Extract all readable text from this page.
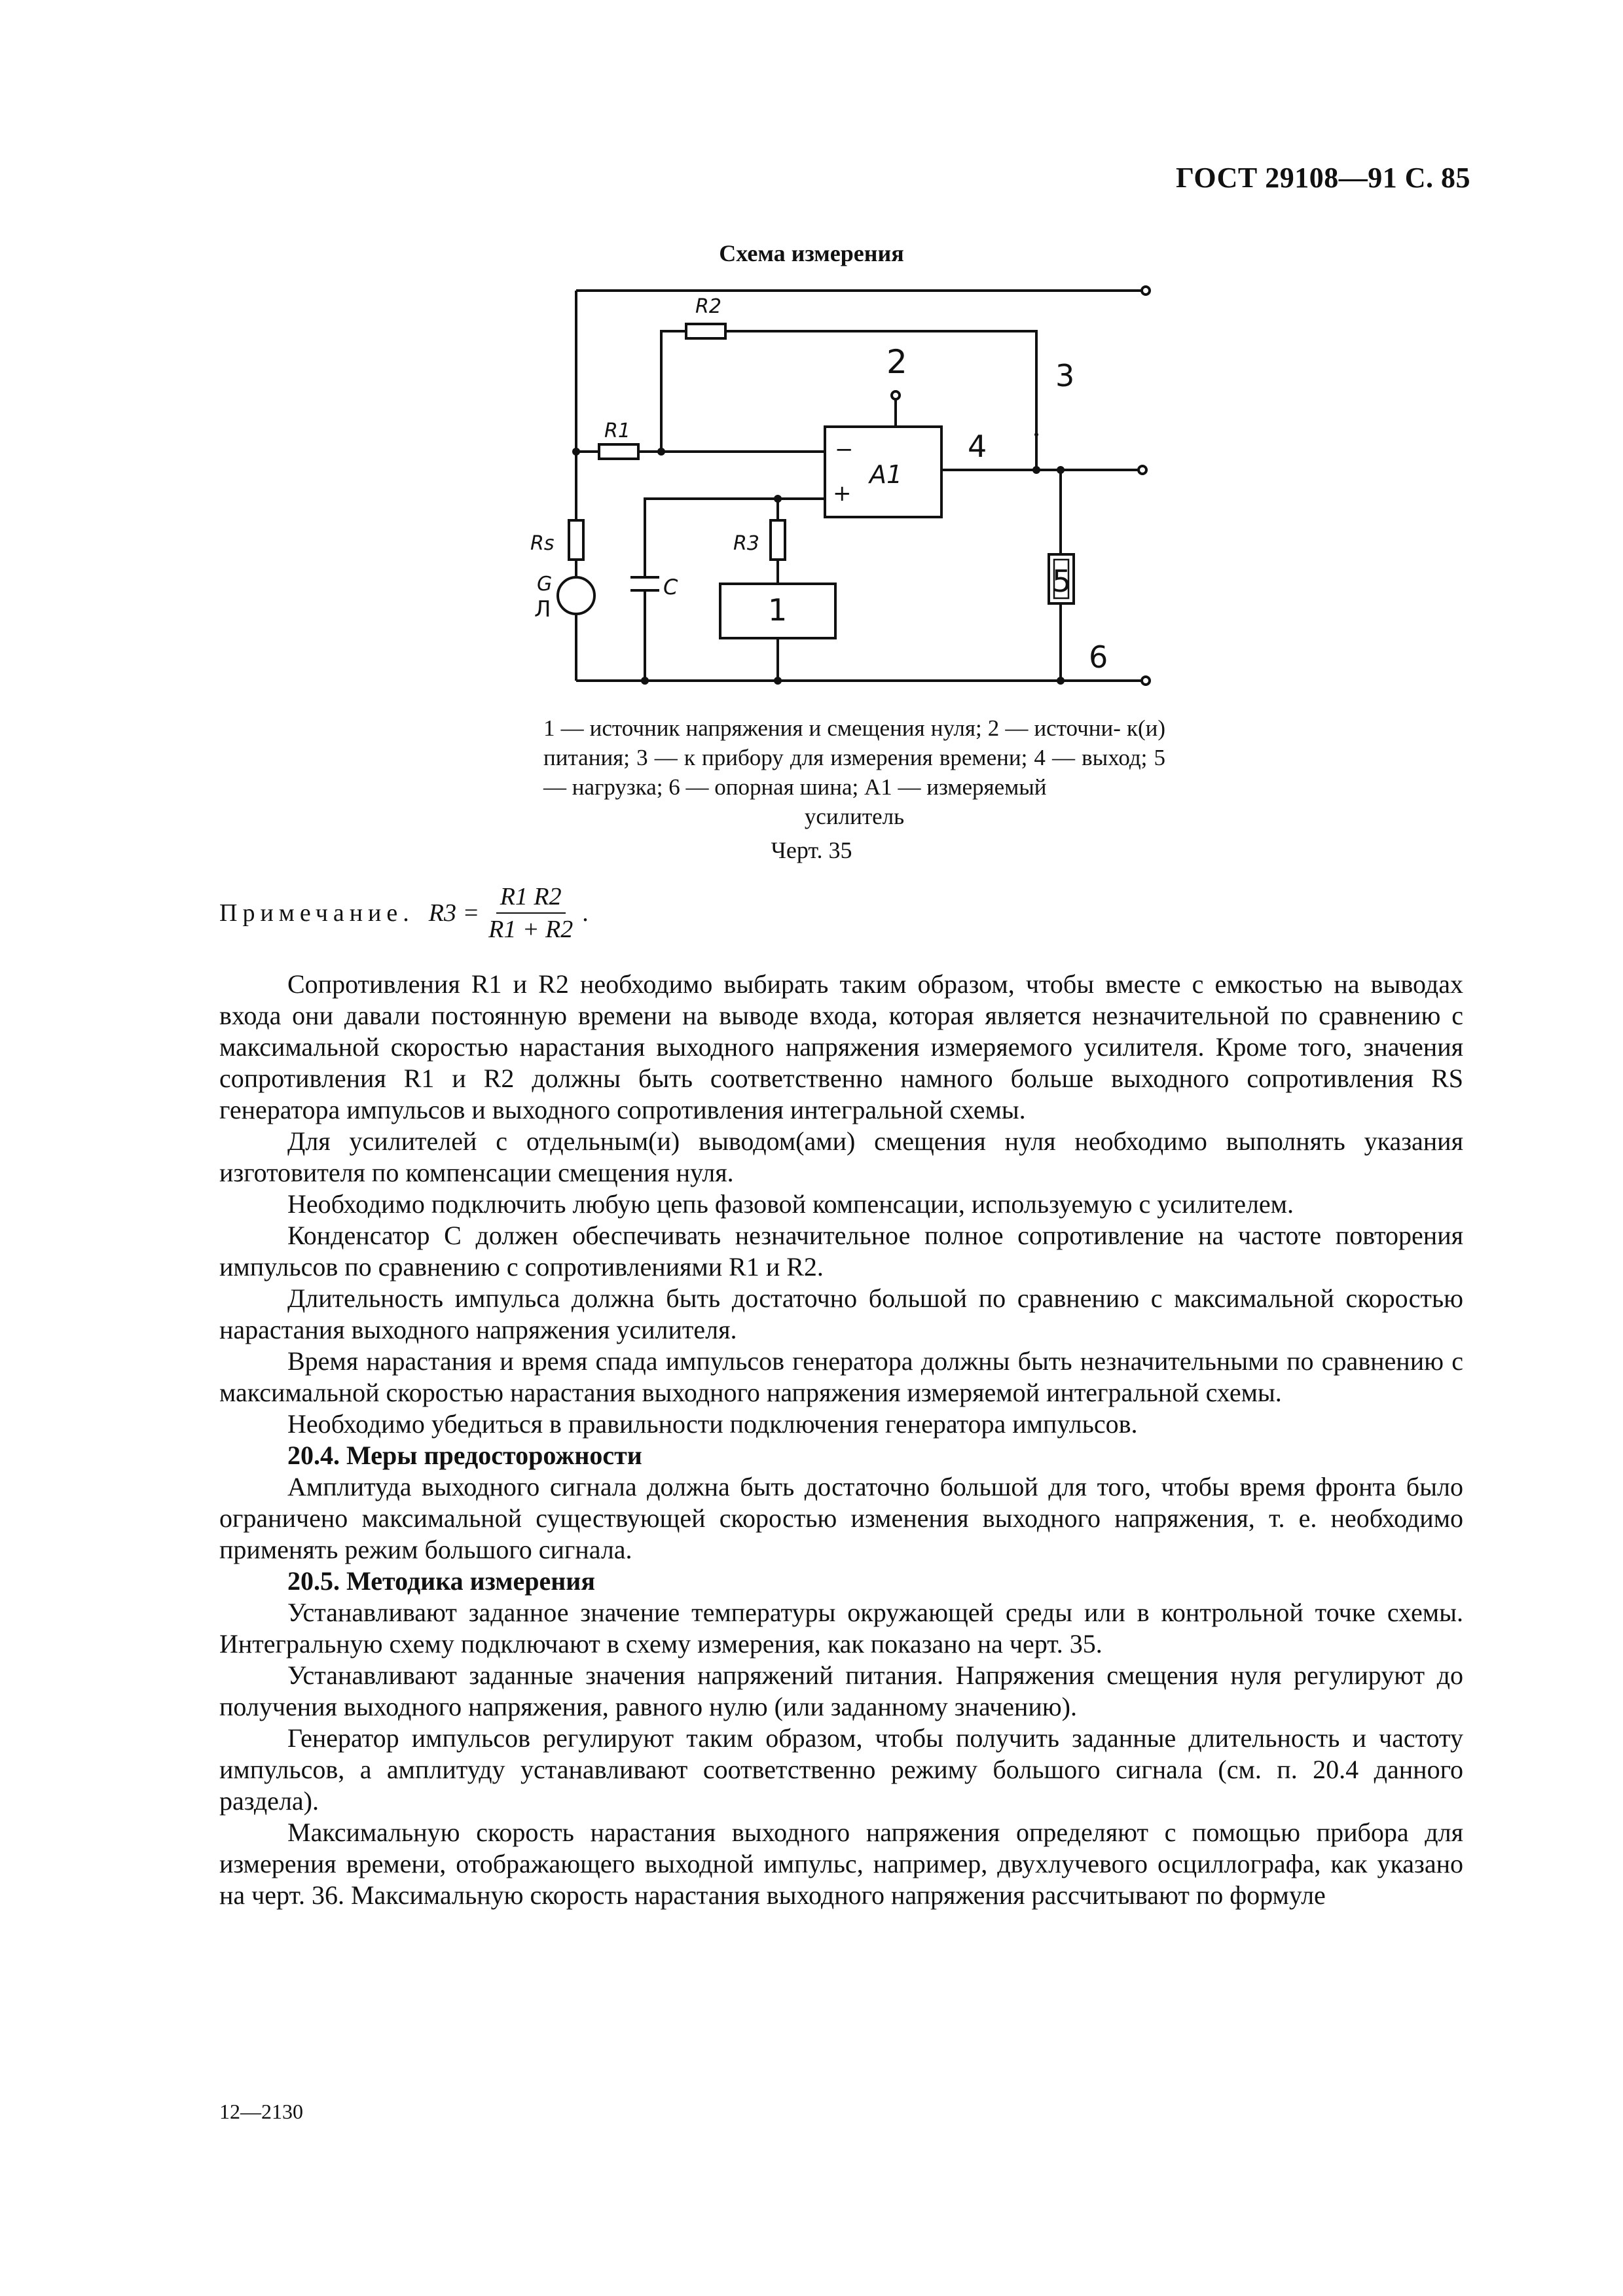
ГОСТ 29108—91 С. 85
Схема измерения
R2
R1
R3
Rs
C
A1
−
+
G
Л	1
2	3
4
5
6
1 — источник напряжения и смещения нуля; 2 — источни- к(и) питания; 3 — к прибору для измерения времени; 4 — выход; 5 — нагрузка; 6 — опорная шина; A1 — измеряемый
усилитель
Черт. 35
Примечание. $R3 = \frac{R1 R2}{R1 + R2}$ .

Сопротивления R1 и R2 необходимо выбирать таким образом, чтобы вместе с емкостью на выводах входа они давали постоянную времени на выводе входа, которая является незначительной по сравнению с максимальной скоростью нарастания выходного напряжения измеряемого усилителя. Кроме того, значения сопротивления R1 и R2 должны быть соответственно намного больше выходного сопротивления RS генератора импульсов и выходного сопротивления интегральной схемы.

Для усилителей с отдельным(и) выводом(ами) смещения нуля необходимо выполнять указания изготовителя по компенсации смещения нуля.

Необходимо подключить любую цепь фазовой компенсации, используемую с усилителем.

Конденсатор C должен обеспечивать незначительное полное сопротивление на частоте повторения импульсов по сравнению с сопротивлениями R1 и R2.

Длительность импульса должна быть достаточно большой по сравнению с максимальной скоростью нарастания выходного напряжения усилителя.

Время нарастания и время спада импульсов генератора должны быть незначительными по сравнению с максимальной скоростью нарастания выходного напряжения измеряемой интегральной схемы.

Необходимо убедиться в правильности подключения генератора импульсов.

20.4. Меры предосторожности

Амплитуда выходного сигнала должна быть достаточно большой для того, чтобы время фронта было ограничено максимальной существующей скоростью изменения выходного напряжения, т. е. необходимо применять режим большого сигнала.

20.5. Методика измерения

Устанавливают заданное значение температуры окружающей среды или в контрольной точке схемы. Интегральную схему подключают в схему измерения, как показано на черт. 35.

Устанавливают заданные значения напряжений питания. Напряжения смещения нуля регулируют до получения выходного напряжения, равного нулю (или заданному значению).

Генератор импульсов регулируют таким образом, чтобы получить заданные длительность и частоту импульсов, а амплитуду устанавливают соответственно режиму большого сигнала (см. п. 20.4 данного раздела).

Максимальную скорость нарастания выходного напряжения определяют с помощью прибора для измерения времени, отображающего выходной импульс, например, двухлучевого осциллографа, как указано на черт. 36. Максимальную скорость нарастания выходного напряжения рассчитывают по формуле

12—2130
